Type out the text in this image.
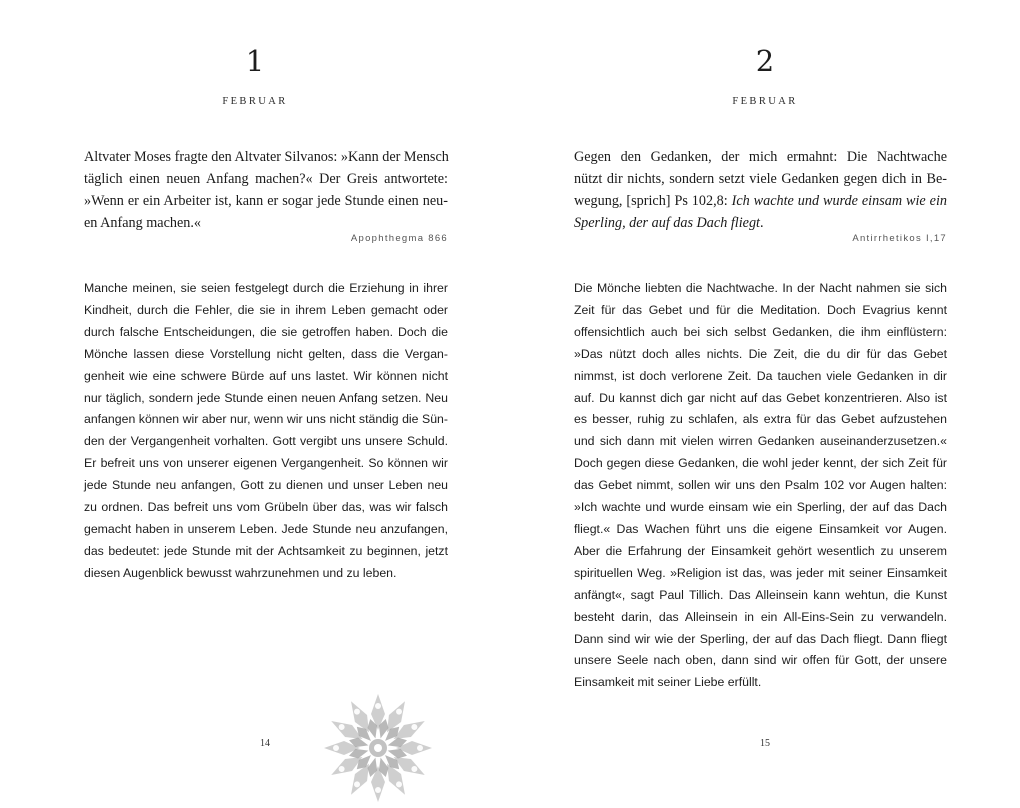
1
FEBRUAR
Altvater Moses fragte den Altvater Silvanos: »Kann der Mensch
täglich einen neuen Anfang machen?« Der Greis antwortete:
»Wenn er ein Arbeiter ist, kann er sogar jede Stunde einen neu-
en Anfang machen.«
Apophthegma 866
Manche meinen, sie seien festgelegt durch die Erziehung in ihrer
Kindheit, durch die Fehler, die sie in ihrem Leben gemacht oder
durch falsche Entscheidungen, die sie getroffen haben. Doch die
Mönche lassen diese Vorstellung nicht gelten, dass die Vergan-
genheit wie eine schwere Bürde auf uns lastet. Wir können nicht
nur täglich, sondern jede Stunde einen neuen Anfang setzen. Neu
anfangen können wir aber nur, wenn wir uns nicht ständig die Sün-
den der Vergangenheit vorhalten. Gott vergibt uns unsere Schuld.
Er befreit uns von unserer eigenen Vergangenheit. So können wir
jede Stunde neu anfangen, Gott zu dienen und unser Leben neu
zu ordnen. Das befreit uns vom Grübeln über das, was wir falsch
gemacht haben in unserem Leben. Jede Stunde neu anzufangen,
das bedeutet: jede Stunde mit der Achtsamkeit zu beginnen, jetzt
diesen Augenblick bewusst wahrzunehmen und zu leben.
14
2
FEBRUAR
Gegen den Gedanken, der mich ermahnt: Die Nachtwache
nützt dir nichts, sondern setzt viele Gedanken gegen dich in Be-
wegung, [sprich] Ps 102,8: Ich wachte und wurde einsam wie ein
Sperling, der auf das Dach fliegt.
Antirrhetikos I,17
Die Mönche liebten die Nachtwache. In der Nacht nahmen sie sich
Zeit für das Gebet und für die Meditation. Doch Evagrius kennt
offensichtlich auch bei sich selbst Gedanken, die ihm einflüstern:
»Das nützt doch alles nichts. Die Zeit, die du dir für das Gebet
nimmst, ist doch verlorene Zeit. Da tauchen viele Gedanken in dir
auf. Du kannst dich gar nicht auf das Gebet konzentrieren. Also ist
es besser, ruhig zu schlafen, als extra für das Gebet aufzustehen
und sich dann mit vielen wirren Gedanken auseinanderzusetzen.«
Doch gegen diese Gedanken, die wohl jeder kennt, der sich Zeit für
das Gebet nimmt, sollen wir uns den Psalm 102 vor Augen halten:
»Ich wachte und wurde einsam wie ein Sperling, der auf das Dach
fliegt.« Das Wachen führt uns die eigene Einsamkeit vor Augen.
Aber die Erfahrung der Einsamkeit gehört wesentlich zu unserem
spirituellen Weg. »Religion ist das, was jeder mit seiner Einsamkeit
anfängt«, sagt Paul Tillich. Das Alleinsein kann wehtun, die Kunst
besteht darin, das Alleinsein in ein All-Eins-Sein zu verwandeln.
Dann sind wir wie der Sperling, der auf das Dach fliegt. Dann fliegt
unsere Seele nach oben, dann sind wir offen für Gott, der unsere
Einsamkeit mit seiner Liebe erfüllt.
15
